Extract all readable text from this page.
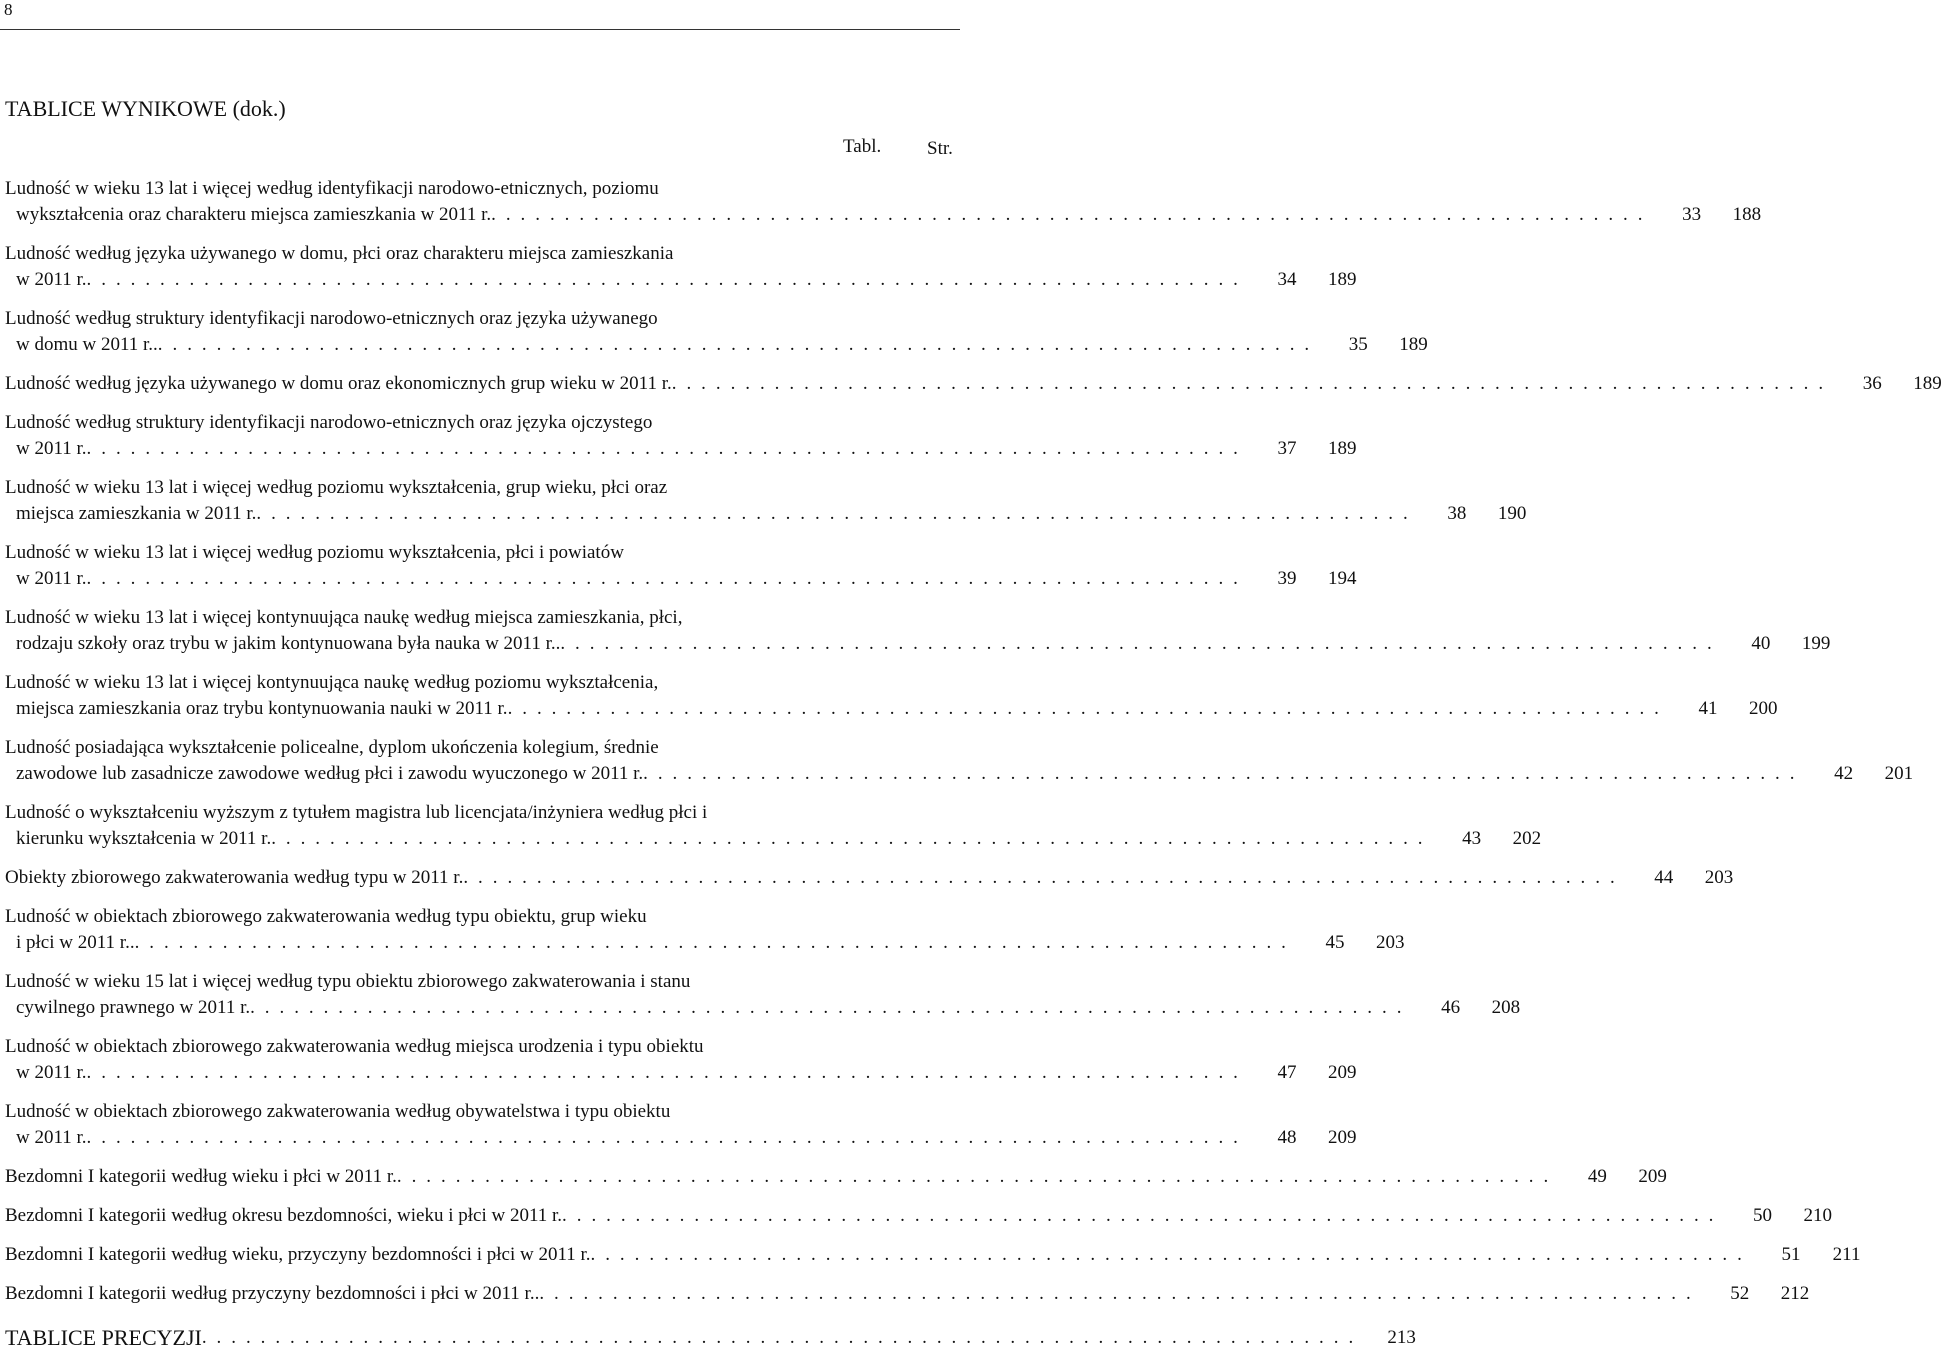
8
TABLICE WYNIKOWE (dok.)
Tabl. Str.
Ludność w wieku 13 lat i więcej według identyfikacji narodowo-etnicznych, poziomu
wykształcenia oraz charakteru miejsca zamieszkania w 2011 r. . . . . . . . . . . . . . . . . . . . . . . . . . . . . . . . . . . . . . . . . . . . . . . . . . . . . . . . . . . . . . . . . . . . . . . . . . . . . . . .	33	188
Ludność według języka używanego w domu, płci oraz charakteru miejsca zamieszkania
w 2011 r. . . . . . . . . . . . . . . . . . . . . . . . . . . . . . . . . . . . . . . . . . . . . . . . . . . . . . . . . . . . . . . . . . . . . . . . . . . . . . . .	34	189
Ludność według struktury identyfikacji narodowo-etnicznych oraz języka używanego
w domu w 2011 r.. . . . . . . . . . . . . . . . . . . . . . . . . . . . . . . . . . . . . . . . . . . . . . . . . . . . . . . . . . . . . . . . . . . . . . . . . . . . . . . .	35	189
Ludność według języka używanego w domu oraz ekonomicznych grup wieku w 2011 r. . . . . . . . . . . . . . . . . . . . . . . . . . . . . . . . . . . . . . . . . . . . . . . . . . . . . . . . . . . . . . . . . . . . . . . . . . . . . . . .	36	189
Ludność według struktury identyfikacji narodowo-etnicznych oraz języka ojczystego
w 2011 r. . . . . . . . . . . . . . . . . . . . . . . . . . . . . . . . . . . . . . . . . . . . . . . . . . . . . . . . . . . . . . . . . . . . . . . . . . . . . . . .	37	189
Ludność w wieku 13 lat i więcej według poziomu wykształcenia, grup wieku, płci oraz
miejsca zamieszkania w 2011 r. . . . . . . . . . . . . . . . . . . . . . . . . . . . . . . . . . . . . . . . . . . . . . . . . . . . . . . . . . . . . . . . . . . . . . . . . . . . . . . .	38	190
Ludność w wieku 13 lat i więcej według poziomu wykształcenia, płci i powiatów
w 2011 r. . . . . . . . . . . . . . . . . . . . . . . . . . . . . . . . . . . . . . . . . . . . . . . . . . . . . . . . . . . . . . . . . . . . . . . . . . . . . . . .	39	194
Ludność w wieku 13 lat i więcej kontynuująca naukę według miejsca zamieszkania, płci,
rodzaju szkoły oraz trybu w jakim kontynuowana była nauka w 2011 r.. . . . . . . . . . . . . . . . . . . . . . . . . . . . . . . . . . . . . . . . . . . . . . . . . . . . . . . . . . . . . . . . . . . . . . . . . . . . . . . .	40	199
Ludność w wieku 13 lat i więcej kontynuująca naukę według poziomu wykształcenia,
miejsca zamieszkania oraz trybu kontynuowania nauki w 2011 r. . . . . . . . . . . . . . . . . . . . . . . . . . . . . . . . . . . . . . . . . . . . . . . . . . . . . . . . . . . . . . . . . . . . . . . . . . . . . . . .	41	200
Ludność posiadająca wykształcenie policealne, dyplom ukończenia kolegium, średnie
zawodowe lub zasadnicze zawodowe według płci i zawodu wyuczonego w 2011 r. . . . . . . . . . . . . . . . . . . . . . . . . . . . . . . . . . . . . . . . . . . . . . . . . . . . . . . . . . . . . . . . . . . . . . . . . . . . . . . .	42	201
Ludność o wykształceniu wyższym z tytułem magistra lub licencjata/inżyniera według płci i
kierunku wykształcenia w 2011 r. . . . . . . . . . . . . . . . . . . . . . . . . . . . . . . . . . . . . . . . . . . . . . . . . . . . . . . . . . . . . . . . . . . . . . . . . . . . . . . .	43	202
Obiekty zbiorowego zakwaterowania według typu w 2011 r. . . . . . . . . . . . . . . . . . . . . . . . . . . . . . . . . . . . . . . . . . . . . . . . . . . . . . . . . . . . . . . . . . . . . . . . . . . . . . . .	44	203
Ludność w obiektach zbiorowego zakwaterowania według typu obiektu, grup wieku
i płci w 2011 r.. . . . . . . . . . . . . . . . . . . . . . . . . . . . . . . . . . . . . . . . . . . . . . . . . . . . . . . . . . . . . . . . . . . . . . . . . . . . . . . .	45	203
Ludność w wieku 15 lat i więcej według typu obiektu zbiorowego zakwaterowania i stanu
cywilnego prawnego w 2011 r. . . . . . . . . . . . . . . . . . . . . . . . . . . . . . . . . . . . . . . . . . . . . . . . . . . . . . . . . . . . . . . . . . . . . . . . . . . . . . . .	46	208
Ludność w obiektach zbiorowego zakwaterowania według miejsca urodzenia i typu obiektu
w 2011 r. . . . . . . . . . . . . . . . . . . . . . . . . . . . . . . . . . . . . . . . . . . . . . . . . . . . . . . . . . . . . . . . . . . . . . . . . . . . . . . .	47	209
Ludność w obiektach zbiorowego zakwaterowania według obywatelstwa i typu obiektu
w 2011 r. . . . . . . . . . . . . . . . . . . . . . . . . . . . . . . . . . . . . . . . . . . . . . . . . . . . . . . . . . . . . . . . . . . . . . . . . . . . . . . .	48	209
Bezdomni I kategorii według wieku i płci w 2011 r. . . . . . . . . . . . . . . . . . . . . . . . . . . . . . . . . . . . . . . . . . . . . . . . . . . . . . . . . . . . . . . . . . . . . . . . . . . . . . . .	49	209
Bezdomni I kategorii według okresu bezdomności, wieku i płci w 2011 r. . . . . . . . . . . . . . . . . . . . . . . . . . . . . . . . . . . . . . . . . . . . . . . . . . . . . . . . . . . . . . . . . . . . . . . . . . . . . . . .	50	210
Bezdomni I kategorii według wieku, przyczyny bezdomności i płci w 2011 r. . . . . . . . . . . . . . . . . . . . . . . . . . . . . . . . . . . . . . . . . . . . . . . . . . . . . . . . . . . . . . . . . . . . . . . . . . . . . . . .	51	211
Bezdomni I kategorii według przyczyny bezdomności i płci w 2011 r.. . . . . . . . . . . . . . . . . . . . . . . . . . . . . . . . . . . . . . . . . . . . . . . . . . . . . . . . . . . . . . . . . . . . . . . . . . . . . . . .	52	212
TABLICE PRECYZJI . . . . . . . . . . . . . . . . . . . . . . . . . . . . . . . . . . . . . . . . . . . . . . . . . . . . . . . . . . . . . . . . . . . . . . . . . . . . . . .	213
